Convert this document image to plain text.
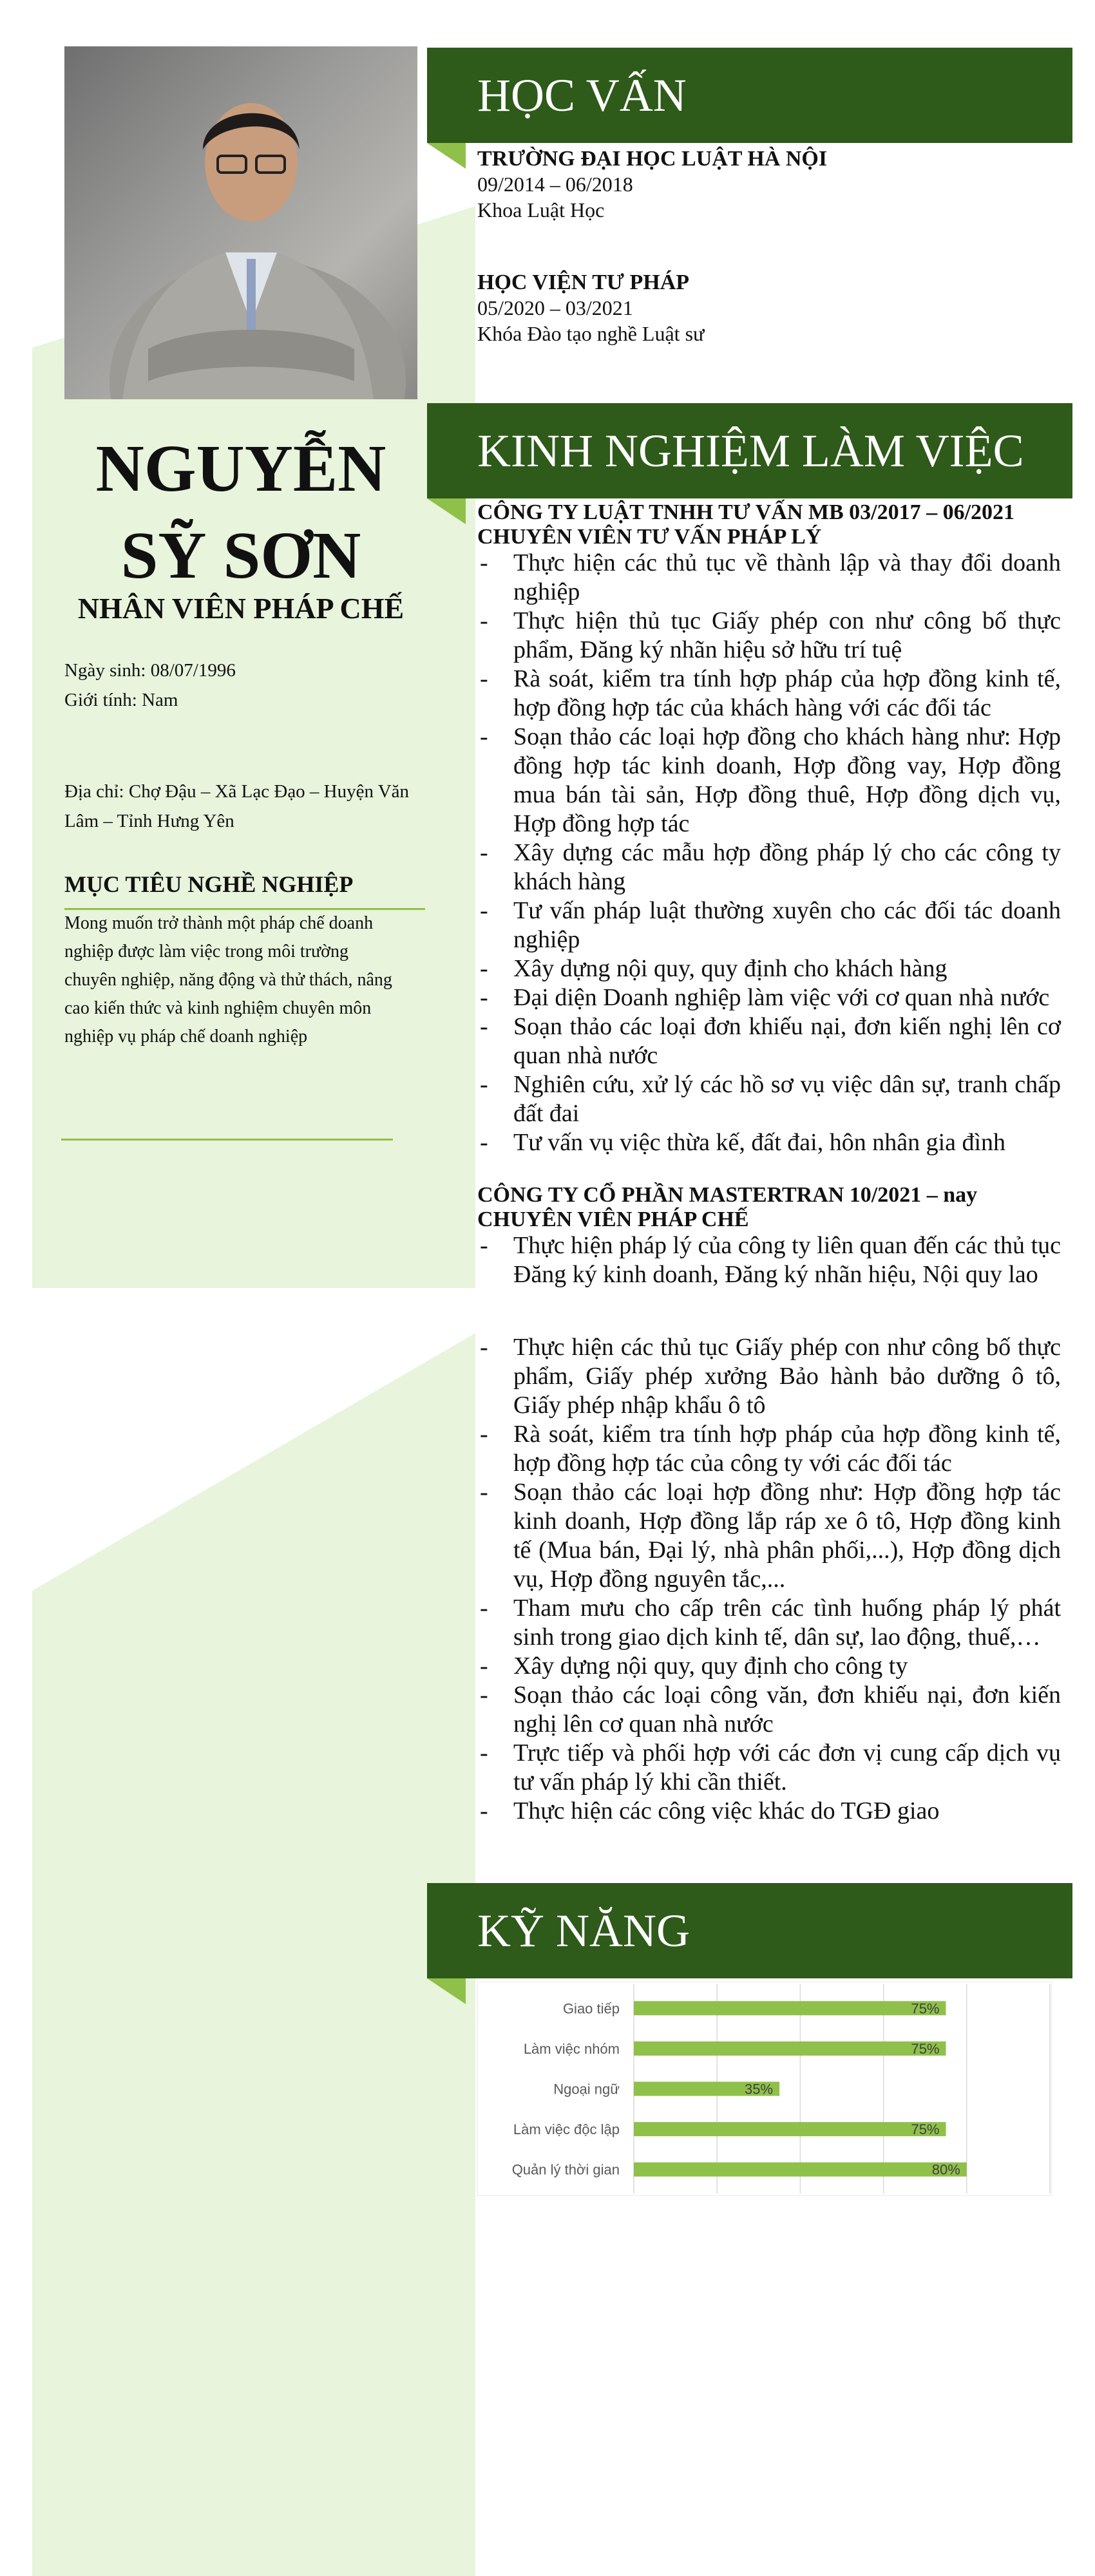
NGUYỄN
SỸ SƠN
NHÂN VIÊN PHÁP CHẾ
Ngày sinh: 08/07/1996
Giới tính: Nam
Địa chỉ: Chợ Đậu – Xã Lạc Đạo – Huyện Văn
Lâm – Tỉnh Hưng Yên
MỤC TIÊU NGHỀ NGHIỆP
Mong muốn trở thành một pháp chế doanh
nghiệp được làm việc trong môi trường
chuyên nghiệp, năng động và thử thách, nâng
cao kiến thức và kinh nghiệm chuyên môn
nghiệp vụ pháp chế doanh nghiệp
HỌC VẤN
TRƯỜNG ĐẠI HỌC LUẬT HÀ NỘI
09/2014 – 06/2018
Khoa Luật Học
HỌC VIỆN TƯ PHÁP
05/2020 – 03/2021
Khóa Đào tạo nghề Luật sư
KINH NGHIỆM LÀM VIỆC
CÔNG TY LUẬT TNHH TƯ VẤN MB 03/2017 – 06/2021
CHUYÊN VIÊN TƯ VẤN PHÁP LÝ
- Thực hiện các thủ tục về thành lập và thay đổi doanh nghiệp
- Thực hiện thủ tục Giấy phép con như công bố thực phẩm, Đăng ký nhãn hiệu sở hữu trí tuệ
- Rà soát, kiểm tra tính hợp pháp của hợp đồng kinh tế, hợp đồng hợp tác của khách hàng với các đối tác
- Soạn thảo các loại hợp đồng cho khách hàng như: Hợp đồng hợp tác kinh doanh, Hợp đồng vay, Hợp đồng mua bán tài sản, Hợp đồng thuê, Hợp đồng dịch vụ, Hợp đồng hợp tác
- Xây dựng các mẫu hợp đồng pháp lý cho các công ty khách hàng
- Tư vấn pháp luật thường xuyên cho các đối tác doanh nghiệp
- Xây dựng nội quy, quy định cho khách hàng
- Đại diện Doanh nghiệp làm việc với cơ quan nhà nước
- Soạn thảo các loại đơn khiếu nại, đơn kiến nghị lên cơ quan nhà nước
- Nghiên cứu, xử lý các hồ sơ vụ việc dân sự, tranh chấp đất đai
- Tư vấn vụ việc thừa kế, đất đai, hôn nhân gia đình
CÔNG TY CỔ PHẦN MASTERTRAN 10/2021 – nay
CHUYÊN VIÊN PHÁP CHẾ
- Thực hiện pháp lý của công ty liên quan đến các thủ tục Đăng ký kinh doanh, Đăng ký nhãn hiệu, Nội quy lao
- Thực hiện các thủ tục Giấy phép con như công bố thực phẩm, Giấy phép xưởng Bảo hành bảo dưỡng ô tô, Giấy phép nhập khẩu ô tô
- Rà soát, kiểm tra tính hợp pháp của hợp đồng kinh tế, hợp đồng hợp tác của công ty với các đối tác
- Soạn thảo các loại hợp đồng như: Hợp đồng hợp tác kinh doanh, Hợp đồng lắp ráp xe ô tô, Hợp đồng kinh tế (Mua bán, Đại lý, nhà phân phối,...), Hợp đồng dịch vụ, Hợp đồng nguyên tắc,...
- Tham mưu cho cấp trên các tình huống pháp lý phát sinh trong giao dịch kinh tế, dân sự, lao động, thuế,…
- Xây dựng nội quy, quy định cho công ty
- Soạn thảo các loại công văn, đơn khiếu nại, đơn kiến nghị lên cơ quan nhà nước
- Trực tiếp và phối hợp với các đơn vị cung cấp dịch vụ tư vấn pháp lý khi cần thiết.
- Thực hiện các công việc khác do TGĐ giao
KỸ NĂNG
Giao tiếp	75%
Làm việc nhóm	75%
Ngoại ngữ	35%
Làm việc độc lập	75%
Quản lý thời gian	80%
